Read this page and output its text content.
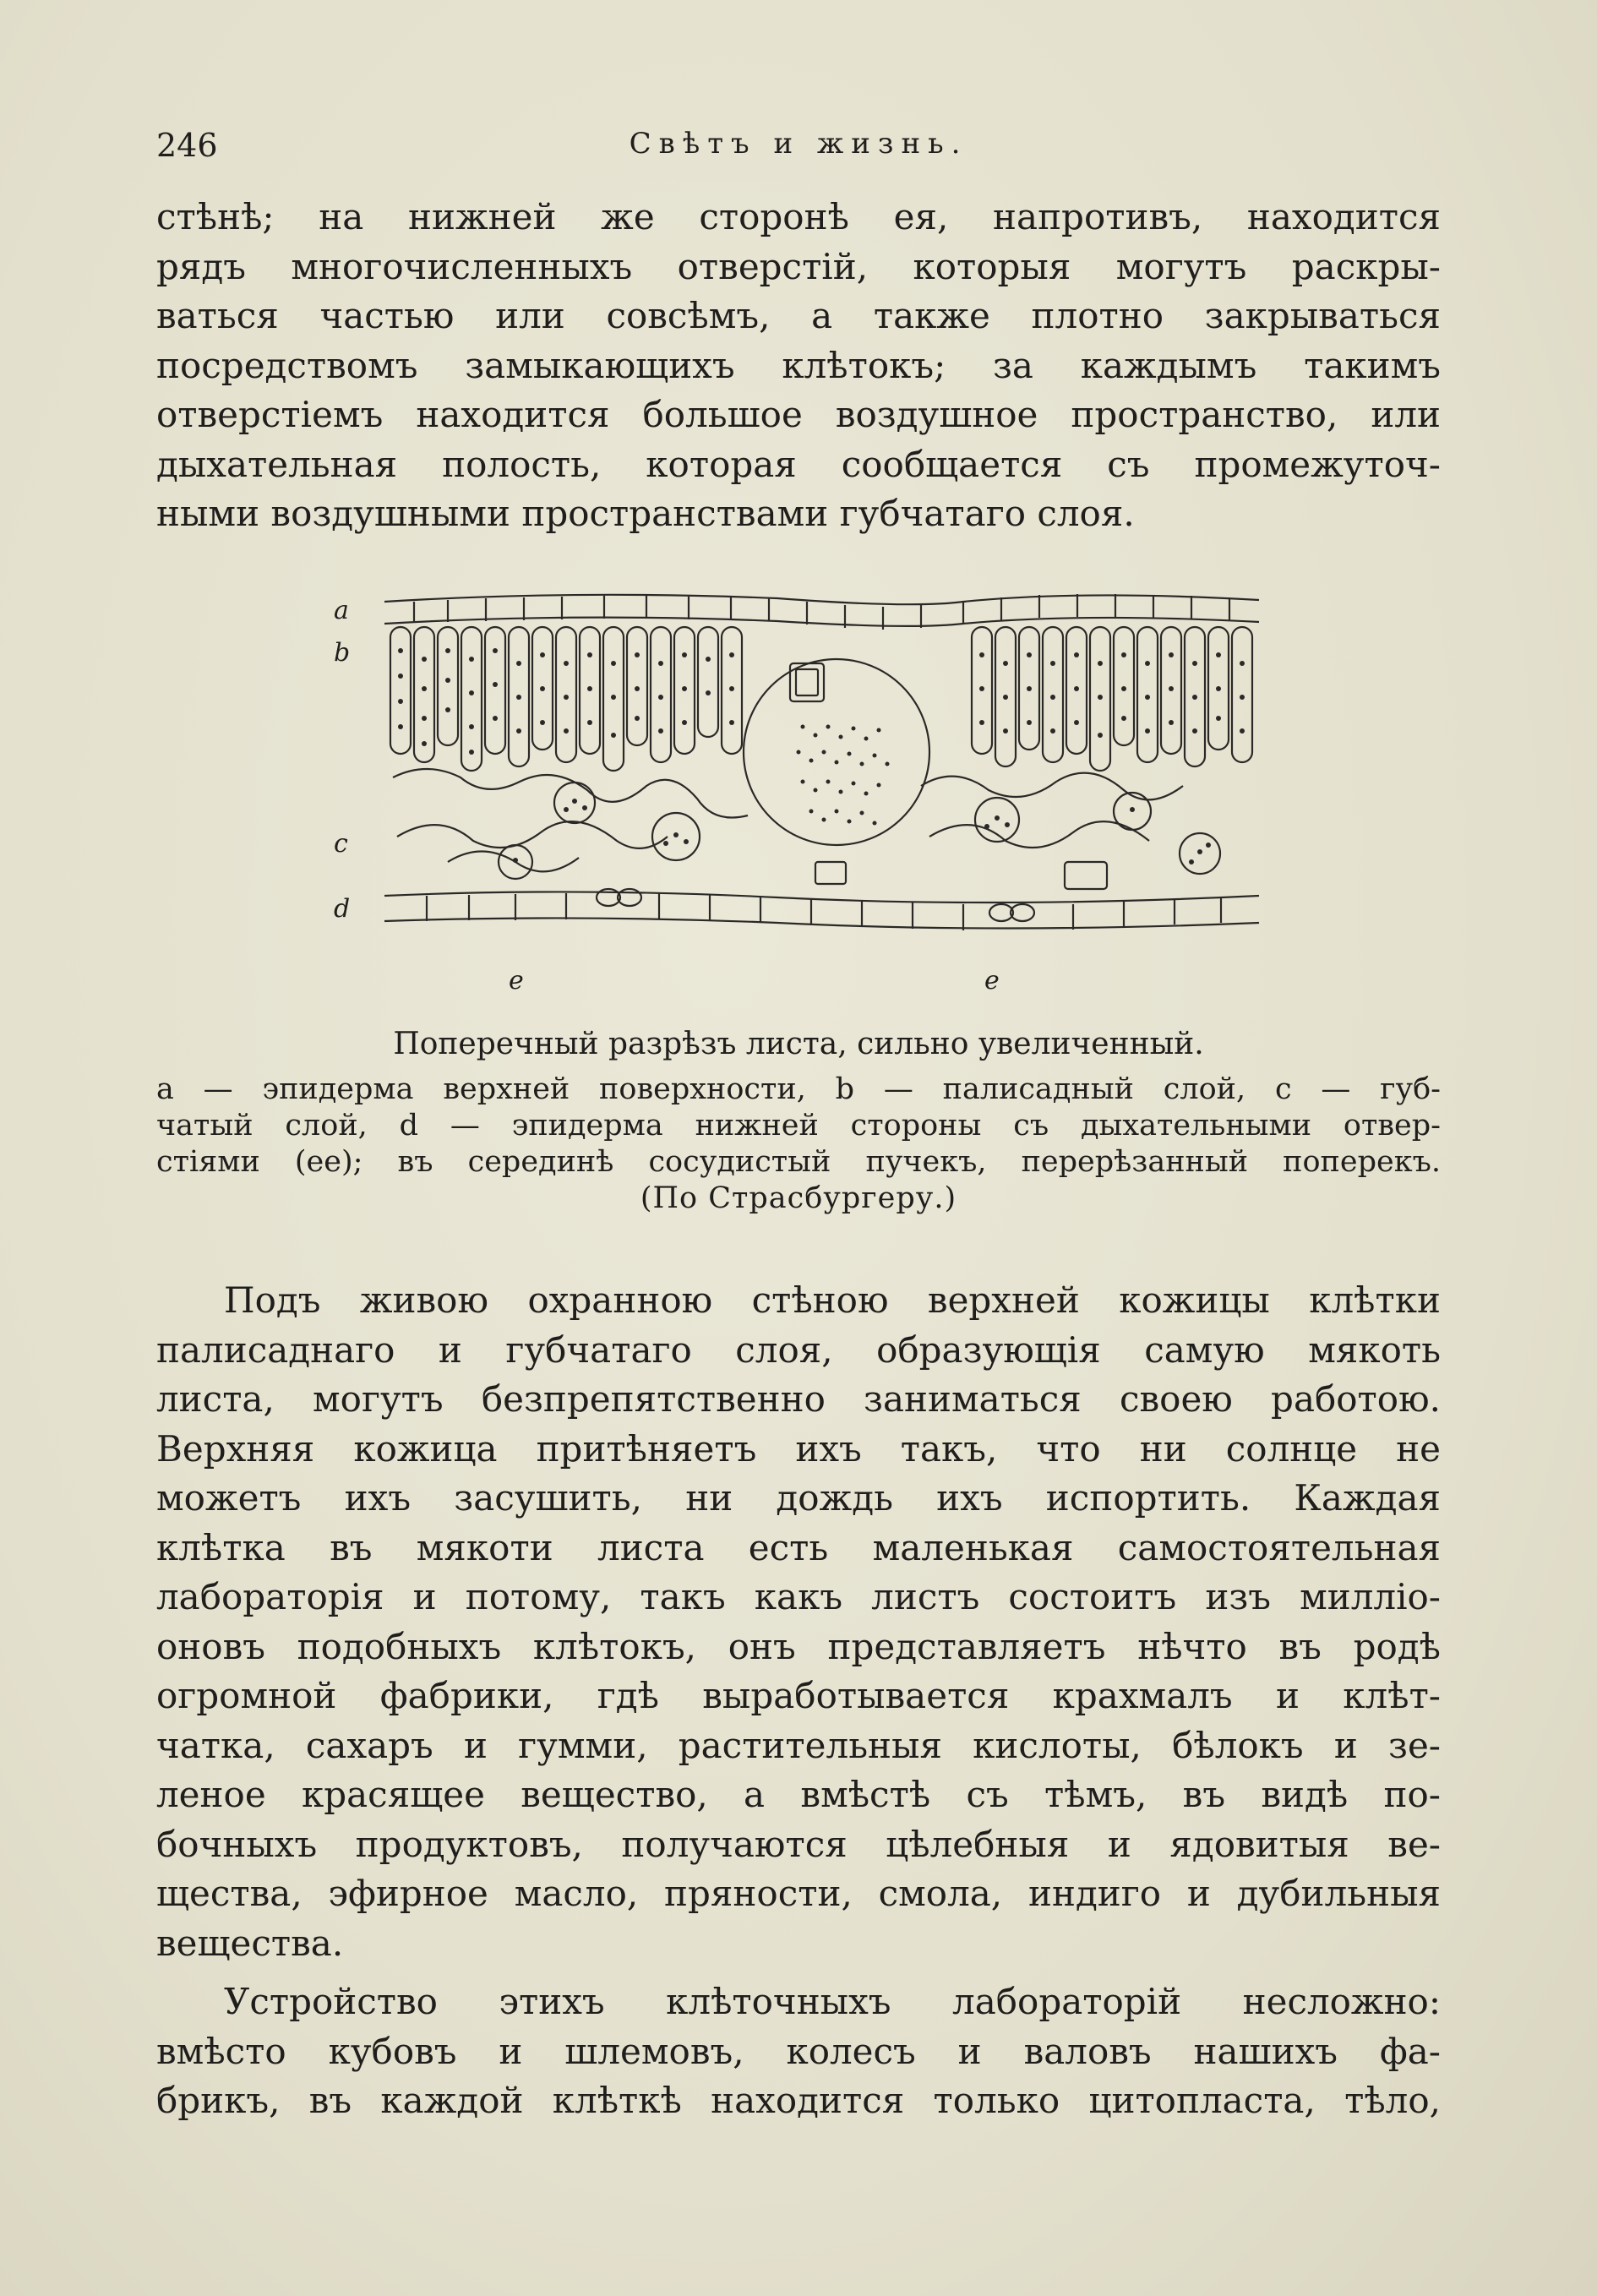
246	Свѣтъ и жизнь.
стѣнѣ; на нижней же сторонѣ ея, напротивъ, находится
рядъ многочисленныхъ отверстій, которыя могутъ раскры-
ваться частью или совсѣмъ, а также плотно закрываться
посредствомъ замыкающихъ клѣтокъ; за каждымъ такимъ
отверстіемъ находится большое воздушное пространство, или
дыхательная полость, которая сообщается съ промежуточ-
ными воздушными пространствами губчатаго слоя.
a
b
c
d
e	e
Поперечный разрѣзъ листа, сильно увеличенный.
а — эпидерма верхней поверхности, b — палисадный слой, с — губ-
чатый слой, d — эпидерма нижней стороны съ дыхательными отвер-
стіями (ее); въ серединѣ сосудистый пучекъ, перерѣзанный поперекъ.
(По Страсбургеру.)
Подъ живою охранною стѣною верхней кожицы клѣтки
палисаднаго и губчатаго слоя, образующія самую мякоть
листа, могутъ безпрепятственно заниматься своею работою.
Верхняя кожица притѣняетъ ихъ такъ, что ни солнце не
можетъ ихъ засушить, ни дождь ихъ испортить. Каждая
клѣтка въ мякоти листа есть маленькая самостоятельная
лабораторія и потому, такъ какъ листъ состоитъ изъ милліо-
оновъ подобныхъ клѣтокъ, онъ представляетъ нѣчто въ родѣ
огромной фабрики, гдѣ выработывается крахмалъ и клѣт-
чатка, сахаръ и гумми, растительныя кислоты, бѣлокъ и зе-
леное красящее вещество, а вмѣстѣ съ тѣмъ, въ видѣ по-
бочныхъ продуктовъ, получаются цѣлебныя и ядовитыя ве-
щества, эфирное масло, пряности, смола, индиго и дубильныя
вещества.
Устройство этихъ клѣточныхъ лабораторій несложно:
вмѣсто кубовъ и шлемовъ, колесъ и валовъ нашихъ фа-
брикъ, въ каждой клѣткѣ находится только цитопласта, тѣло,
